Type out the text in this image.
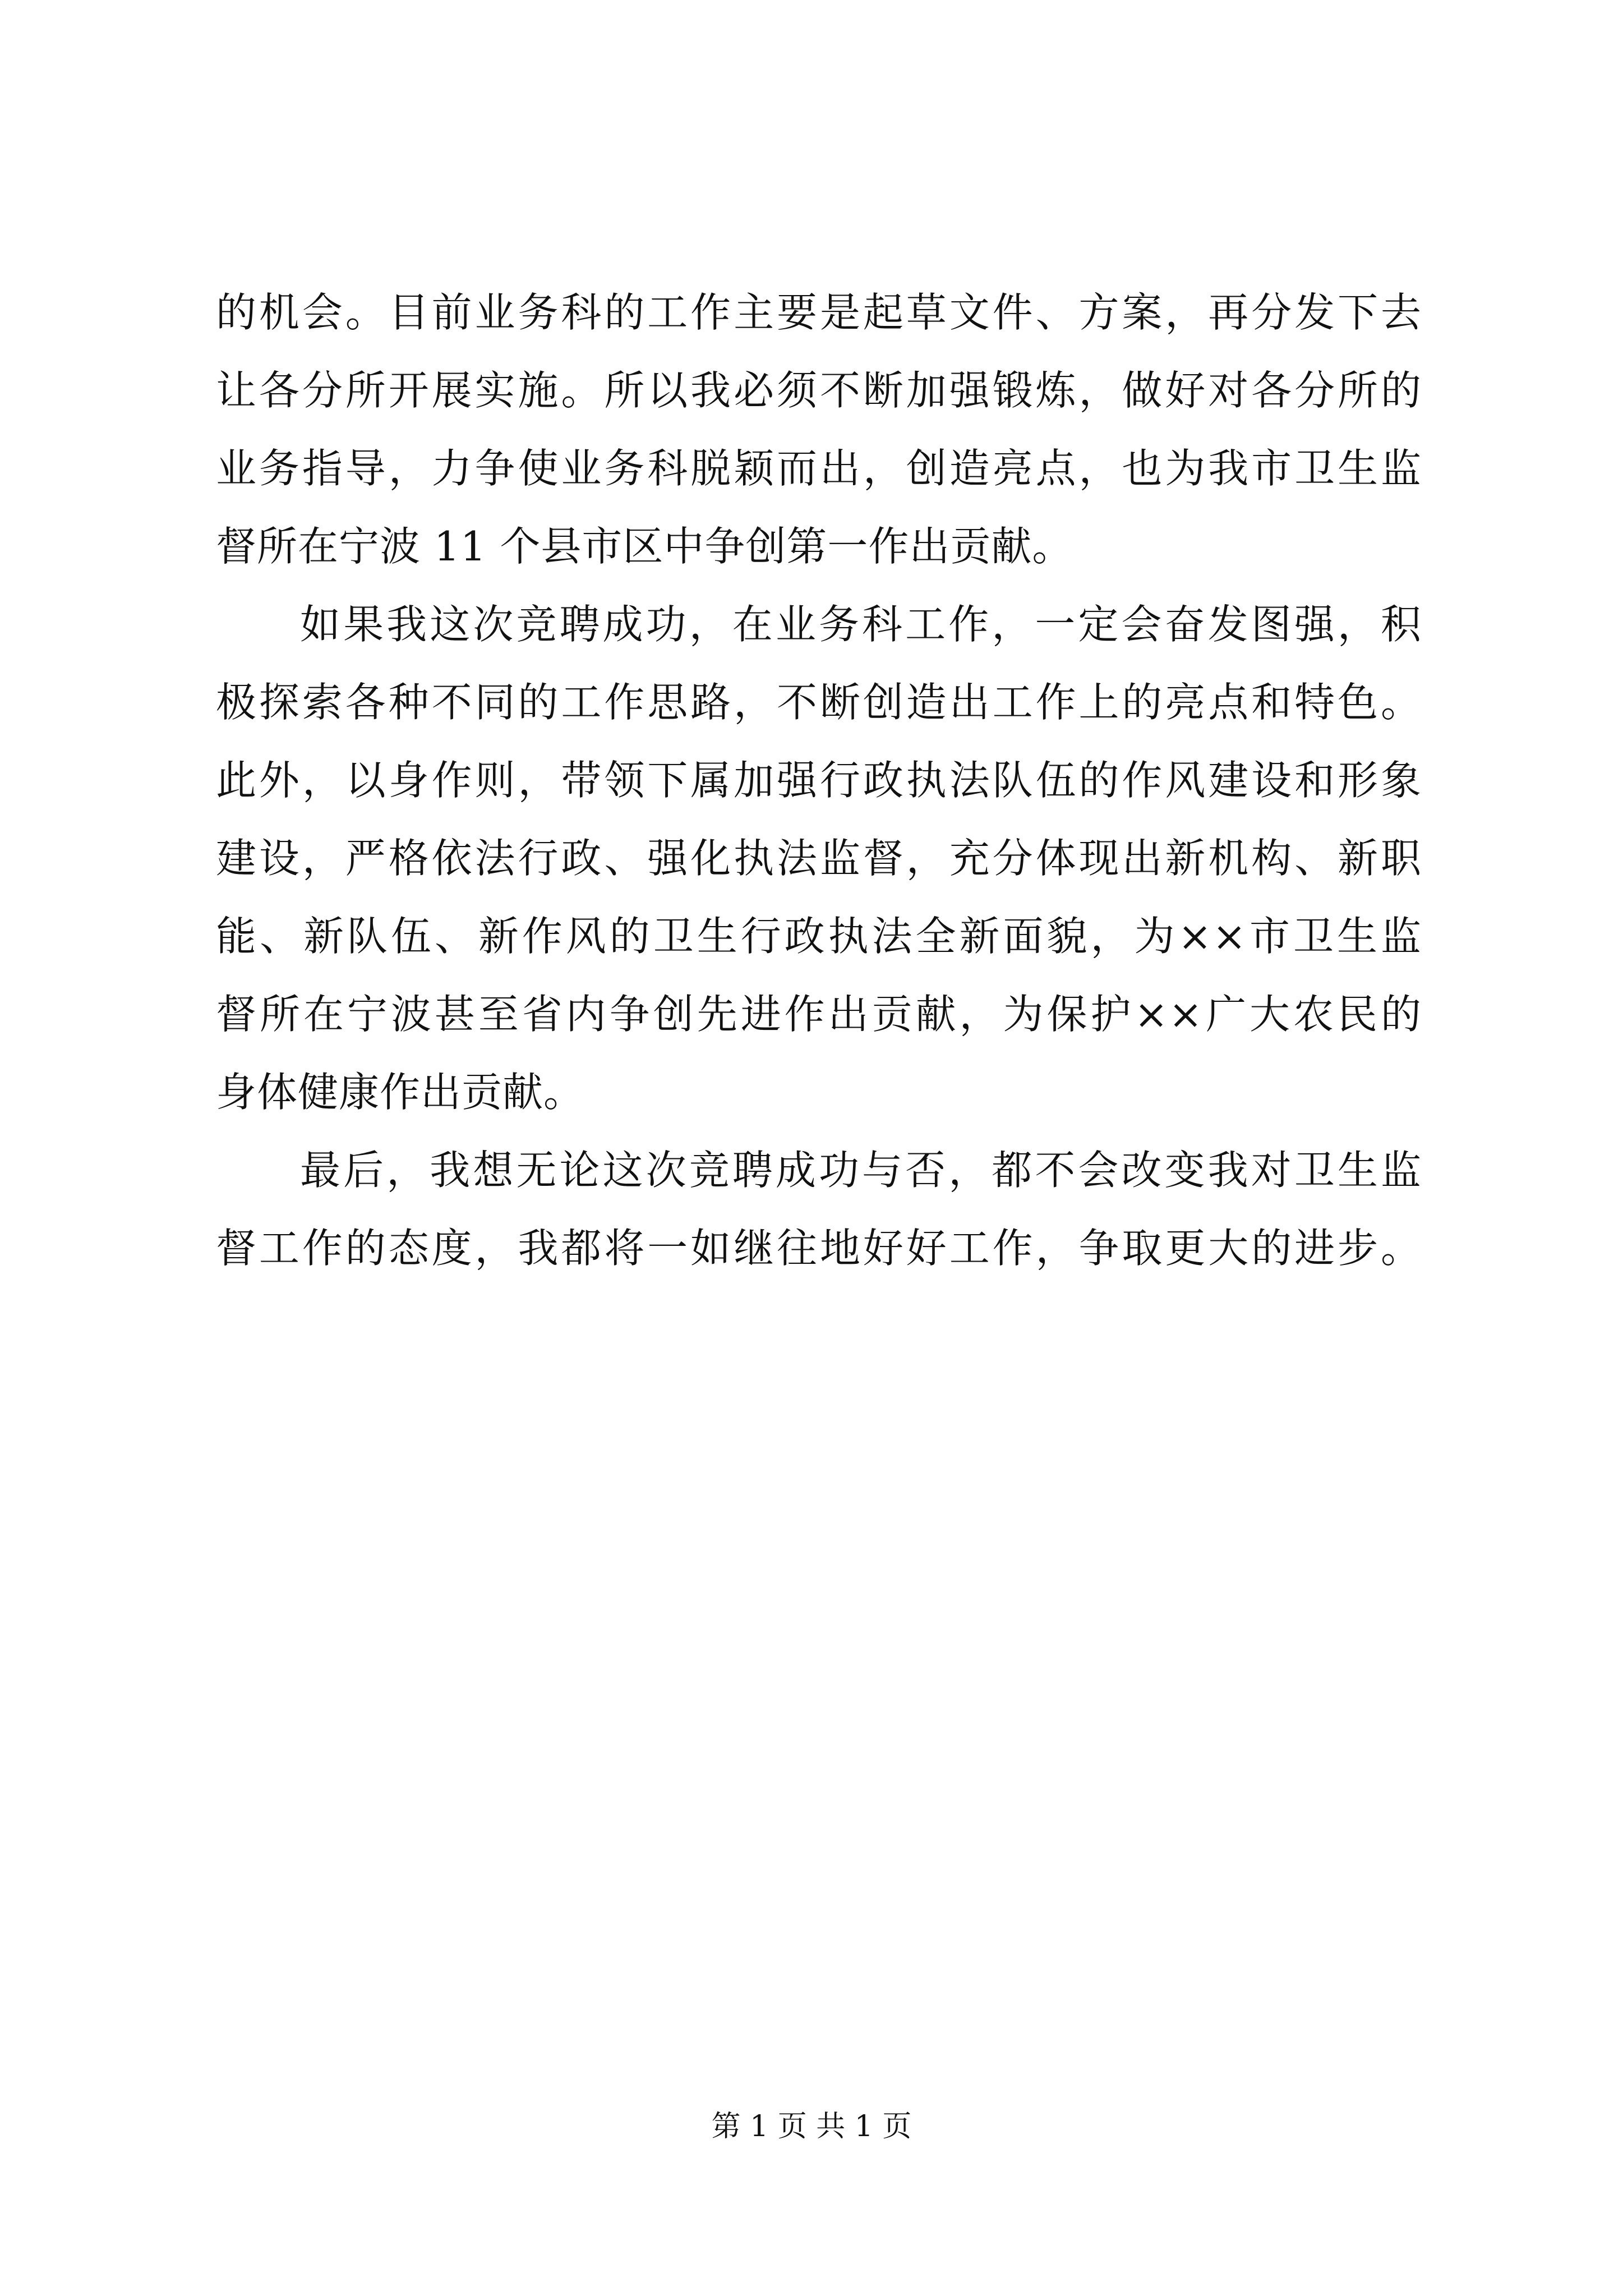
的机会。目前业务科的工作主要是起草文件、方案，再分发下去
让各分所开展实施。所以我必须不断加强锻炼，做好对各分所的
业务指导，力争使业务科脱颖而出，创造亮点，也为我市卫生监
督所在宁波 11 个县市区中争创第一作出贡献。
如果我这次竞聘成功，在业务科工作，一定会奋发图强，积
极探索各种不同的工作思路，不断创造出工作上的亮点和特色。
此外，以身作则，带领下属加强行政执法队伍的作风建设和形象
建设，严格依法行政、强化执法监督，充分体现出新机构、新职
能、新队伍、新作风的卫生行政执法全新面貌，为××市卫生监
督所在宁波甚至省内争创先进作出贡献，为保护××广大农民的
身体健康作出贡献。
最后，我想无论这次竞聘成功与否，都不会改变我对卫生监
督工作的态度，我都将一如继往地好好工作，争取更大的进步。
第 1 页 共 1 页
